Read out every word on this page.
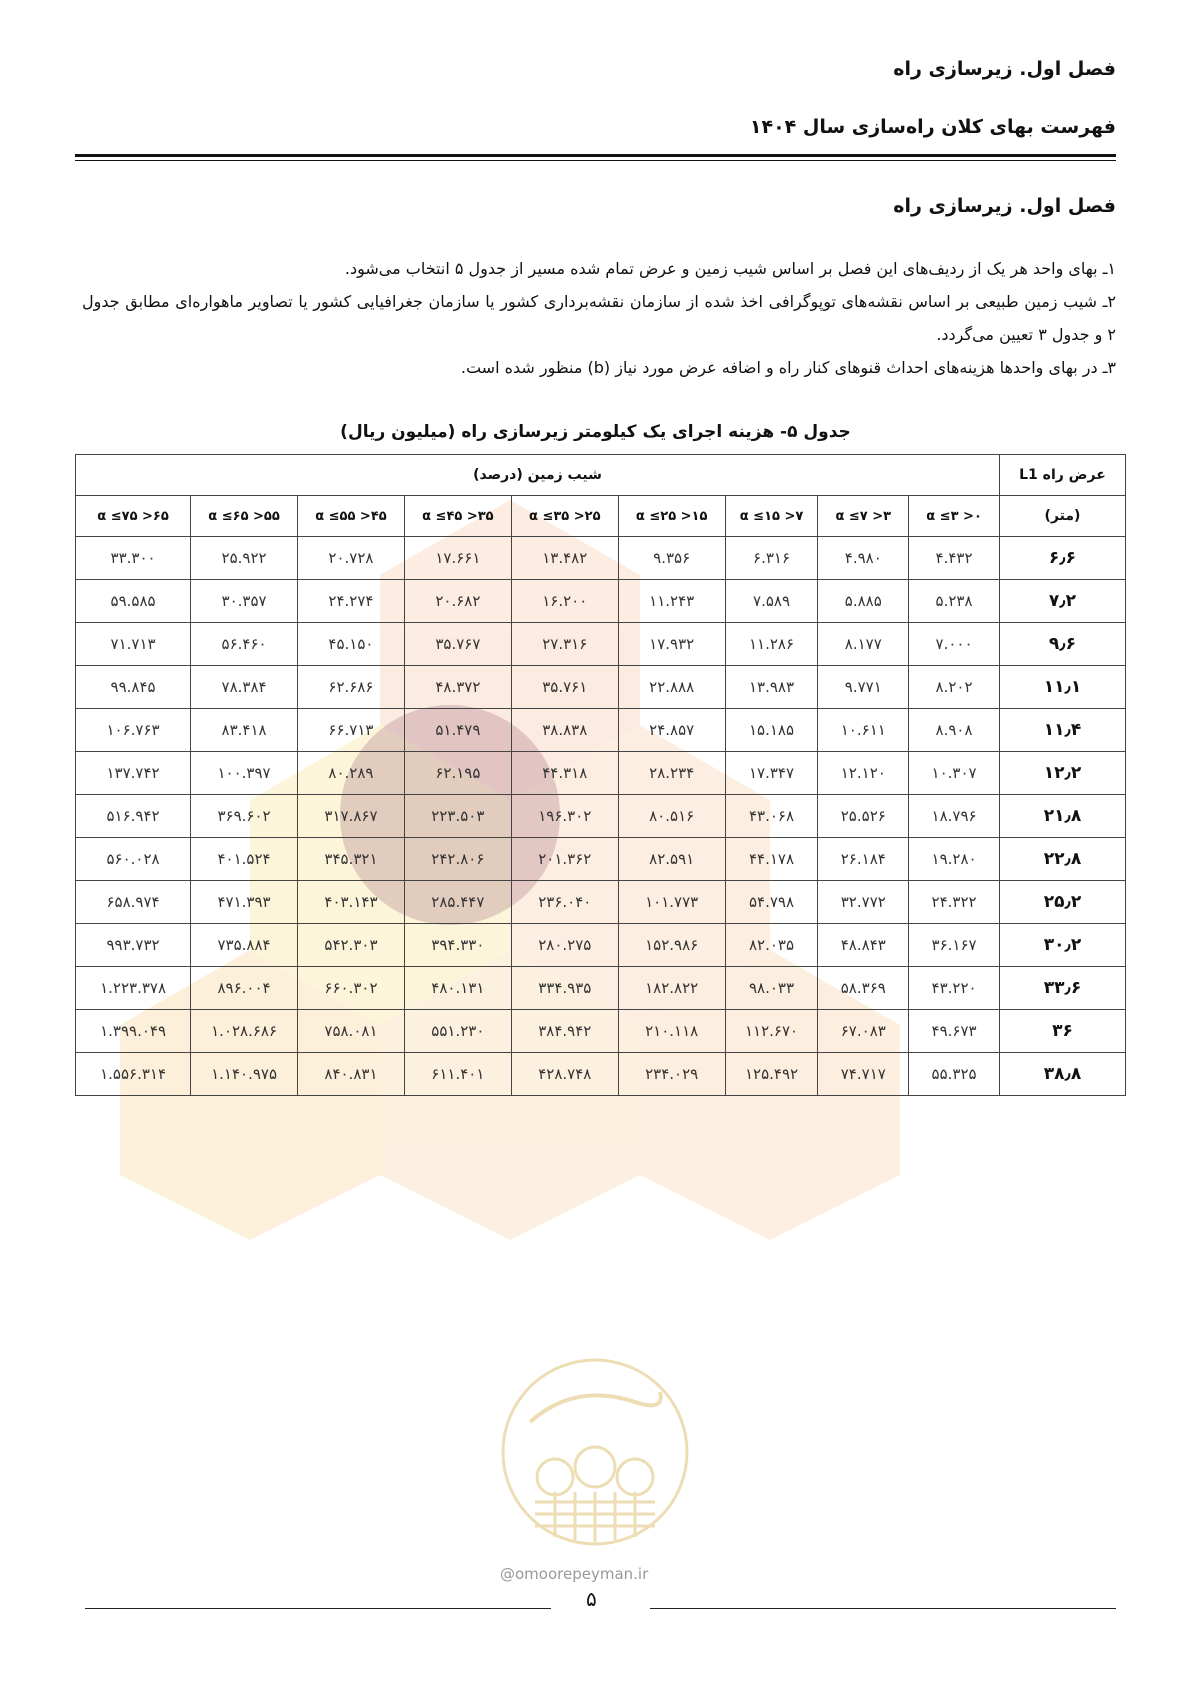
فصل اول. زیرسازی راه
فهرست بهای کلان راه‌سازی سال ۱۴۰۴
فصل اول. زیرسازی راه

۱ـ بهای واحد هر یک از ردیف‌های این فصل بر اساس شیب زمین و عرض تمام شده مسیر از جدول ۵ انتخاب می‌شود.

۲ـ شیب زمین طبیعی بر اساس نقشه‌های توپوگرافی اخذ شده از سازمان نقشه‌برداری کشور یا سازمان جغرافیایی کشور یا تصاویر ماهواره‌ای مطابق جدول ۲ و جدول ۳ تعیین می‌گردد.

۳ـ در بهای واحدها هزینه‌های احداث قنوهای کنار راه و اضافه عرض مورد نیاز (b) منظور شده است.

جدول ۵- هزینه اجرای یک کیلومتر زیرسازی راه (میلیون ریال)
عرض راه L1	شیب زمین (درصد)								
(متر)	۰< α ≤۳	۳< α ≤۷	۷< α ≤۱۵	۱۵< α ≤۲۵	۲۵< α ≤۳۵	۳۵< α ≤۴۵	۴۵< α ≤۵۵	۵۵< α ≤۶۵	۶۵< α ≤۷۵
۶٫۶	۴.۴۳۲	۴.۹۸۰	۶.۳۱۶	۹.۳۵۶	۱۳.۴۸۲	۱۷.۶۶۱	۲۰.۷۲۸	۲۵.۹۲۲	۳۳.۳۰۰
۷٫۲	۵.۲۳۸	۵.۸۸۵	۷.۵۸۹	۱۱.۲۴۳	۱۶.۲۰۰	۲۰.۶۸۲	۲۴.۲۷۴	۳۰.۳۵۷	۵۹.۵۸۵
۹٫۶	۷.۰۰۰	۸.۱۷۷	۱۱.۲۸۶	۱۷.۹۳۲	۲۷.۳۱۶	۳۵.۷۶۷	۴۵.۱۵۰	۵۶.۴۶۰	۷۱.۷۱۳
۱۱٫۱	۸.۲۰۲	۹.۷۷۱	۱۳.۹۸۳	۲۲.۸۸۸	۳۵.۷۶۱	۴۸.۳۷۲	۶۲.۶۸۶	۷۸.۳۸۴	۹۹.۸۴۵
۱۱٫۴	۸.۹۰۸	۱۰.۶۱۱	۱۵.۱۸۵	۲۴.۸۵۷	۳۸.۸۳۸	۵۱.۴۷۹	۶۶.۷۱۳	۸۳.۴۱۸	۱۰۶.۷۶۳
۱۲٫۲	۱۰.۳۰۷	۱۲.۱۲۰	۱۷.۳۴۷	۲۸.۲۳۴	۴۴.۳۱۸	۶۲.۱۹۵	۸۰.۲۸۹	۱۰۰.۳۹۷	۱۳۷.۷۴۲
۲۱٫۸	۱۸.۷۹۶	۲۵.۵۲۶	۴۳.۰۶۸	۸۰.۵۱۶	۱۹۶.۳۰۲	۲۲۳.۵۰۳	۳۱۷.۸۶۷	۳۶۹.۶۰۲	۵۱۶.۹۴۲
۲۲٫۸	۱۹.۲۸۰	۲۶.۱۸۴	۴۴.۱۷۸	۸۲.۵۹۱	۲۰۱.۳۶۲	۲۴۲.۸۰۶	۳۴۵.۳۲۱	۴۰۱.۵۲۴	۵۶۰.۰۲۸
۲۵٫۲	۲۴.۳۲۲	۳۲.۷۷۲	۵۴.۷۹۸	۱۰۱.۷۷۳	۲۳۶.۰۴۰	۲۸۵.۴۴۷	۴۰۳.۱۴۳	۴۷۱.۳۹۳	۶۵۸.۹۷۴
۳۰٫۲	۳۶.۱۶۷	۴۸.۸۴۳	۸۲.۰۳۵	۱۵۲.۹۸۶	۲۸۰.۲۷۵	۳۹۴.۳۳۰	۵۴۲.۳۰۳	۷۳۵.۸۸۴	۹۹۳.۷۳۲
۳۳٫۶	۴۳.۲۲۰	۵۸.۳۶۹	۹۸.۰۳۳	۱۸۲.۸۲۲	۳۳۴.۹۳۵	۴۸۰.۱۳۱	۶۶۰.۳۰۲	۸۹۶.۰۰۴	۱.۲۲۳.۳۷۸
۳۶	۴۹.۶۷۳	۶۷.۰۸۳	۱۱۲.۶۷۰	۲۱۰.۱۱۸	۳۸۴.۹۴۲	۵۵۱.۲۳۰	۷۵۸.۰۸۱	۱.۰۲۸.۶۸۶	۱.۳۹۹.۰۴۹
۳۸٫۸	۵۵.۳۲۵	۷۴.۷۱۷	۱۲۵.۴۹۲	۲۳۴.۰۲۹	۴۲۸.۷۴۸	۶۱۱.۴۰۱	۸۴۰.۸۳۱	۱.۱۴۰.۹۷۵	۱.۵۵۶.۳۱۴
@omoorepeyman.ir
۵
